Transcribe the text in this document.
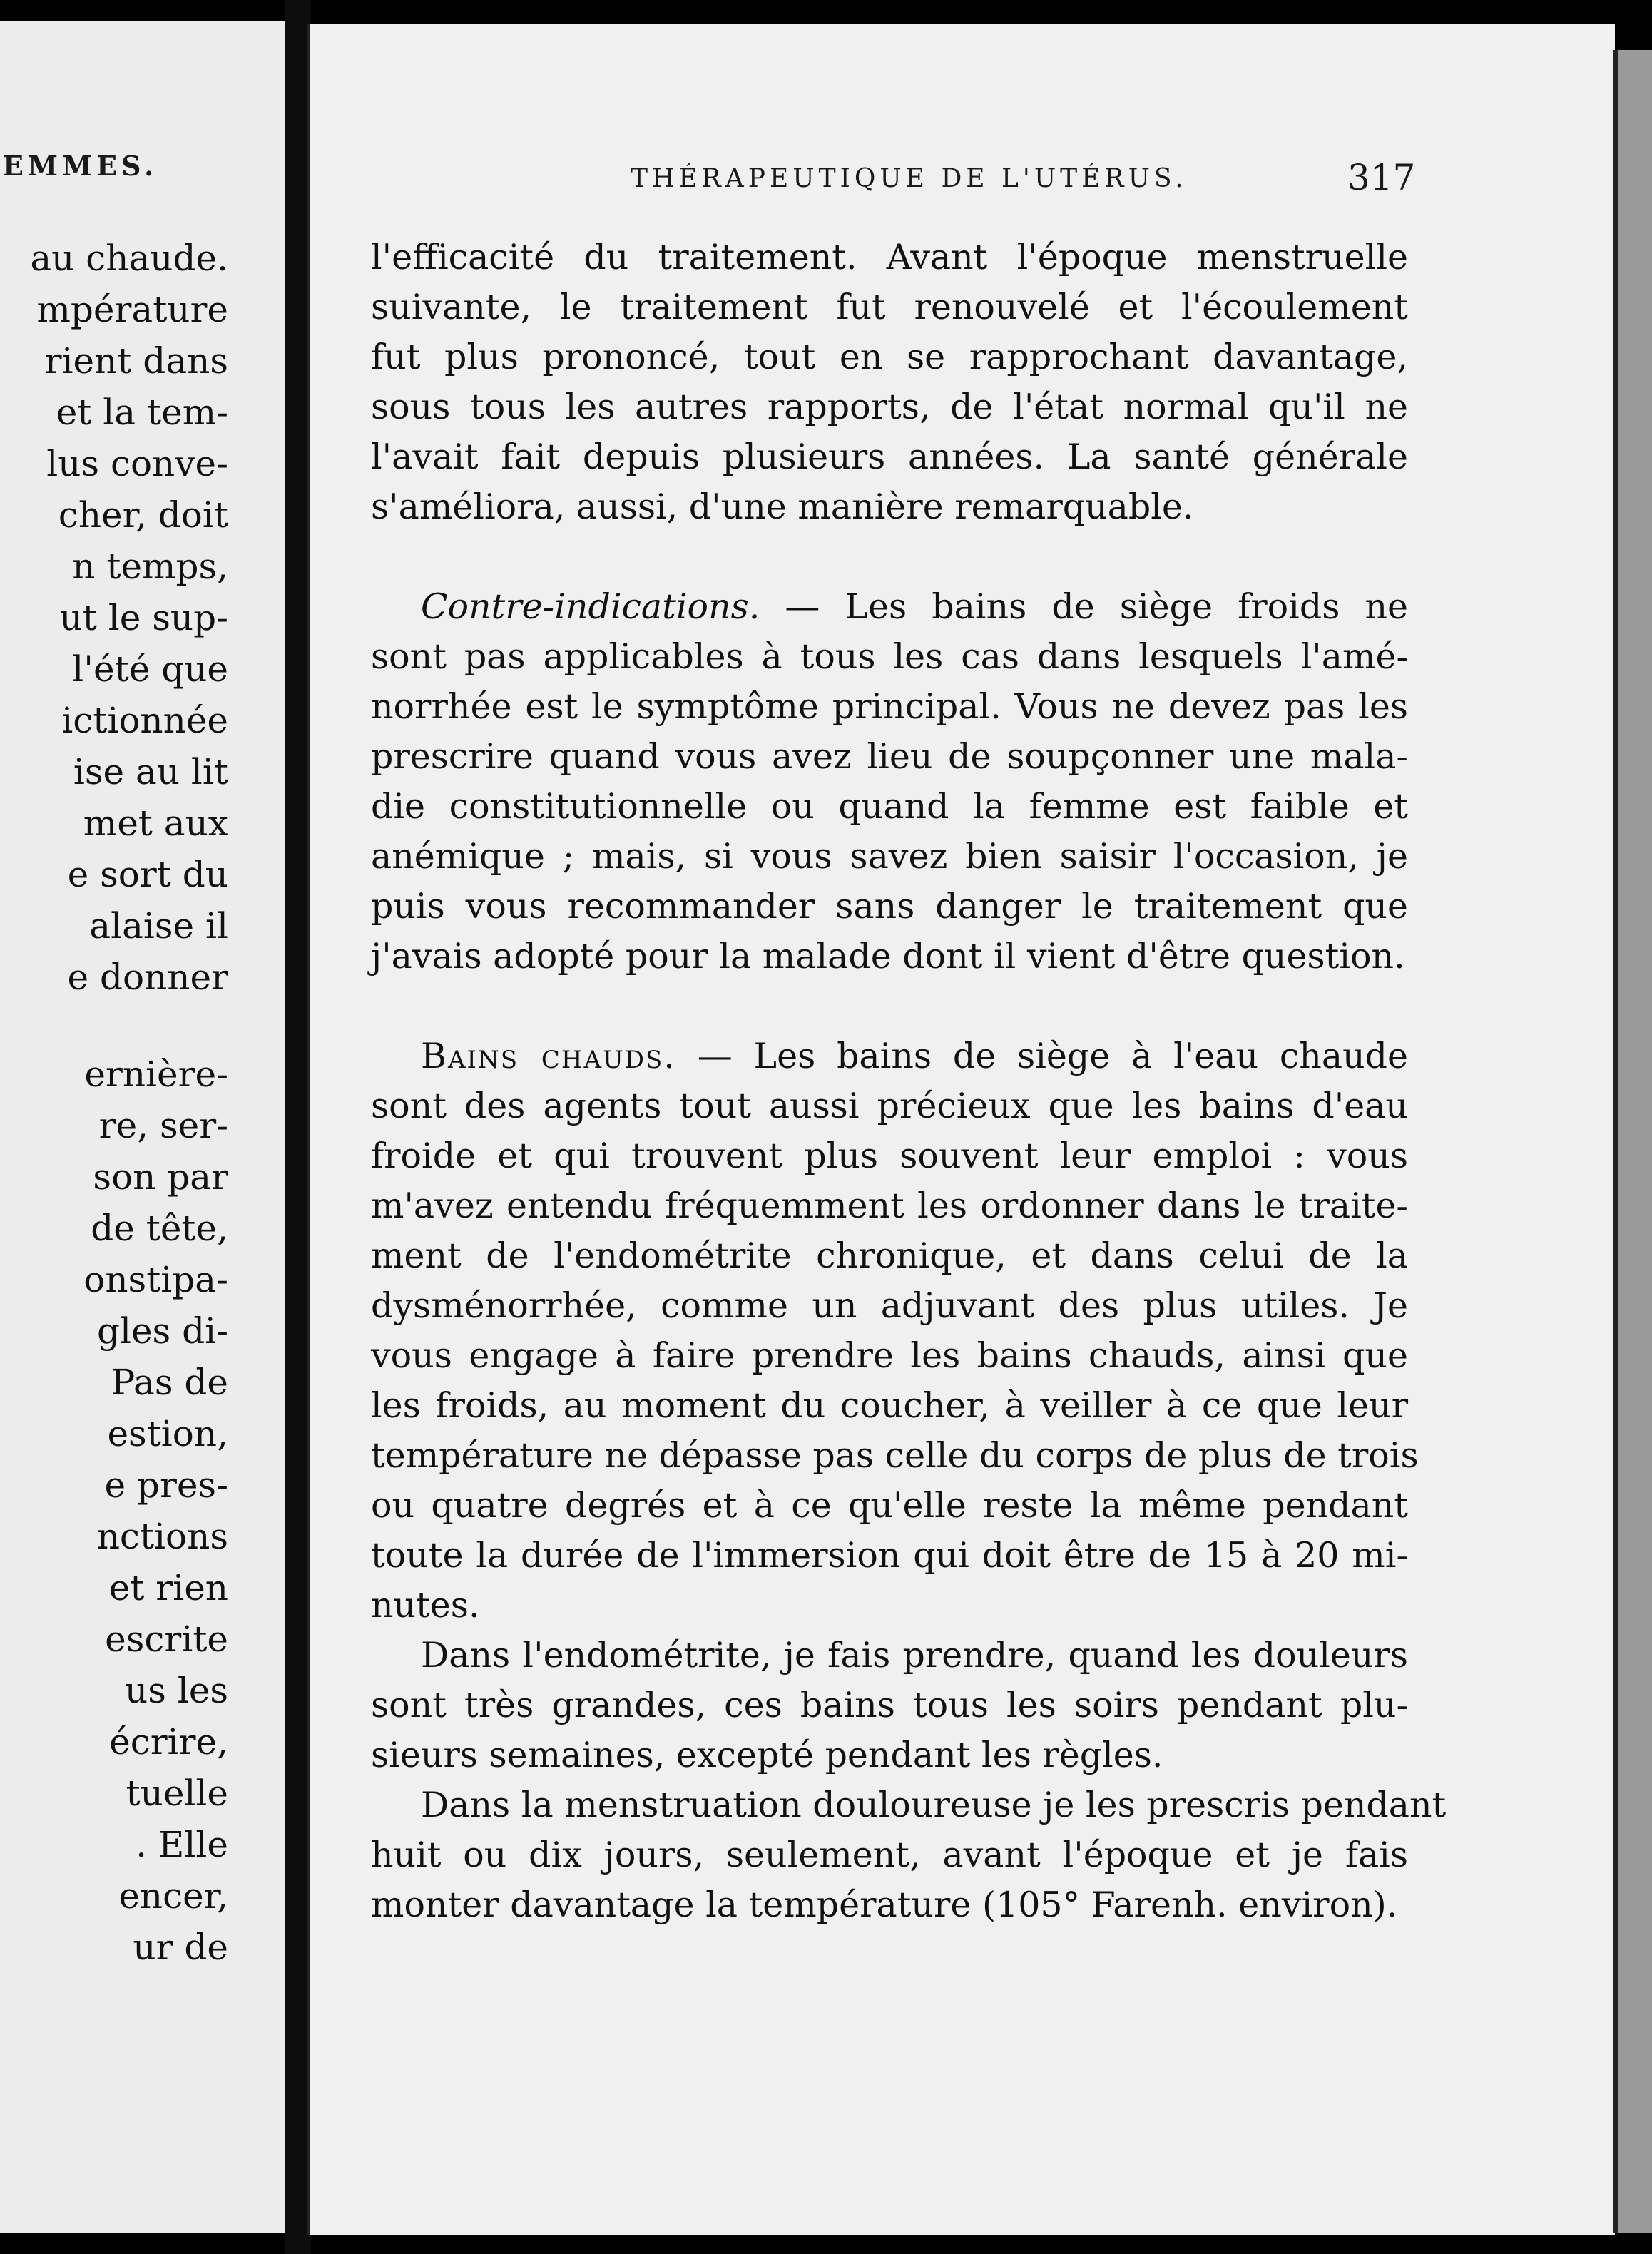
EMMES.
au chaude.
mpérature
rient dans
et la tem-
lus conve-
cher, doit
n temps,
ut le sup-
l'été que
ictionnée
ise au lit
met aux
e sort du
alaise il
e donner
ernière-
re, ser-
son par
de tête,
onstipa-
gles di-
Pas de
estion,
e pres-
nctions
et rien
escrite
us les
écrire,
tuelle
. Elle
encer,
ur de
THÉRAPEUTIQUE DE L'UTÉRUS.	317
l'efficacité du traitement. Avant l'époque menstruelle
suivante, le traitement fut renouvelé et l'écoulement
fut plus prononcé, tout en se rapprochant davantage,
sous tous les autres rapports, de l'état normal qu'il ne
l'avait fait depuis plusieurs années. La santé générale
s'améliora, aussi, d'une manière remarquable.
Contre-indications. — Les bains de siège froids ne
sont pas applicables à tous les cas dans lesquels l'amé-
norrhée est le symptôme principal. Vous ne devez pas les
prescrire quand vous avez lieu de soupçonner une mala-
die constitutionnelle ou quand la femme est faible et
anémique ; mais, si vous savez bien saisir l'occasion, je
puis vous recommander sans danger le traitement que
j'avais adopté pour la malade dont il vient d'être question.
Bains chauds. — Les bains de siège à l'eau chaude
sont des agents tout aussi précieux que les bains d'eau
froide et qui trouvent plus souvent leur emploi : vous
m'avez entendu fréquemment les ordonner dans le traite-
ment de l'endométrite chronique, et dans celui de la
dysménorrhée, comme un adjuvant des plus utiles. Je
vous engage à faire prendre les bains chauds, ainsi que
les froids, au moment du coucher, à veiller à ce que leur
température ne dépasse pas celle du corps de plus de trois
ou quatre degrés et à ce qu'elle reste la même pendant
toute la durée de l'immersion qui doit être de 15 à 20 mi-
nutes.
Dans l'endométrite, je fais prendre, quand les douleurs
sont très grandes, ces bains tous les soirs pendant plu-
sieurs semaines, excepté pendant les règles.
Dans la menstruation douloureuse je les prescris pendant
huit ou dix jours, seulement, avant l'époque et je fais
monter davantage la température (105° Farenh. environ).
